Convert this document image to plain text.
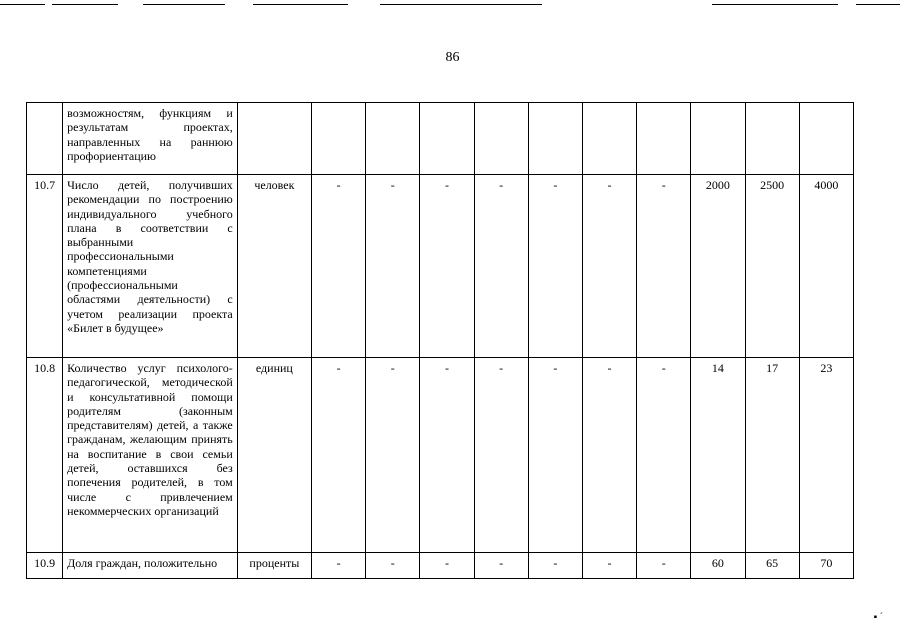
86
	возможностям, функциям и результатам проектах, направленных на раннюю профориентацию											
10.7	Число детей, получивших рекомендации по построению индивидуального учебного плана в соответствии с выбранными профессиональными компетенциями (профессиональными областями деятельности) с учетом реализации проекта «Билет в будущее»	человек	-	-	-	-	-	-	-	2000	2500	4000
10.8	Количество услуг психолого-педагогической, методической и консультативной помощи родителям (законным представителям) детей, а также гражданам, желающим принять на воспитание в свои семьи детей, оставшихся без попечения родителей, в том числе с привлечением некоммерческих организаций	единиц	-	-	-	-	-	-	-	14	17	23
10.9	Доля граждан, положительно	проценты	-	-	-	-	-	-	-	60	65	70
▪ ˊ
